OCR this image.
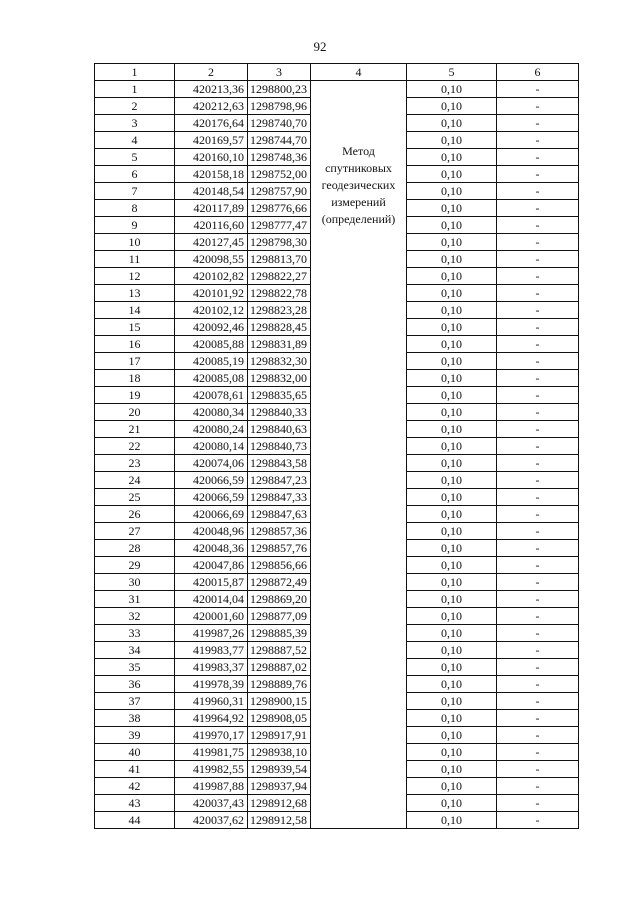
92
1	2	3	4	5	6
1	420213,36	1298800,23	Метод
спутниковых
геодезических
измерений
(определений)	0,10	-
2	420212,63	1298798,96		0,10	-
3	420176,64	1298740,70		0,10	-
4	420169,57	1298744,70		0,10	-
5	420160,10	1298748,36		0,10	-
6	420158,18	1298752,00		0,10	-
7	420148,54	1298757,90		0,10	-
8	420117,89	1298776,66		0,10	-
9	420116,60	1298777,47		0,10	-
10	420127,45	1298798,30		0,10	-
11	420098,55	1298813,70		0,10	-
12	420102,82	1298822,27		0,10	-
13	420101,92	1298822,78		0,10	-
14	420102,12	1298823,28		0,10	-
15	420092,46	1298828,45		0,10	-
16	420085,88	1298831,89		0,10	-
17	420085,19	1298832,30		0,10	-
18	420085,08	1298832,00		0,10	-
19	420078,61	1298835,65		0,10	-
20	420080,34	1298840,33		0,10	-
21	420080,24	1298840,63		0,10	-
22	420080,14	1298840,73		0,10	-
23	420074,06	1298843,58		0,10	-
24	420066,59	1298847,23		0,10	-
25	420066,59	1298847,33		0,10	-
26	420066,69	1298847,63		0,10	-
27	420048,96	1298857,36		0,10	-
28	420048,36	1298857,76		0,10	-
29	420047,86	1298856,66		0,10	-
30	420015,87	1298872,49		0,10	-
31	420014,04	1298869,20		0,10	-
32	420001,60	1298877,09		0,10	-
33	419987,26	1298885,39		0,10	-
34	419983,77	1298887,52		0,10	-
35	419983,37	1298887,02		0,10	-
36	419978,39	1298889,76		0,10	-
37	419960,31	1298900,15		0,10	-
38	419964,92	1298908,05		0,10	-
39	419970,17	1298917,91		0,10	-
40	419981,75	1298938,10		0,10	-
41	419982,55	1298939,54		0,10	-
42	419987,88	1298937,94		0,10	-
43	420037,43	1298912,68		0,10	-
44	420037,62	1298912,58		0,10	-
